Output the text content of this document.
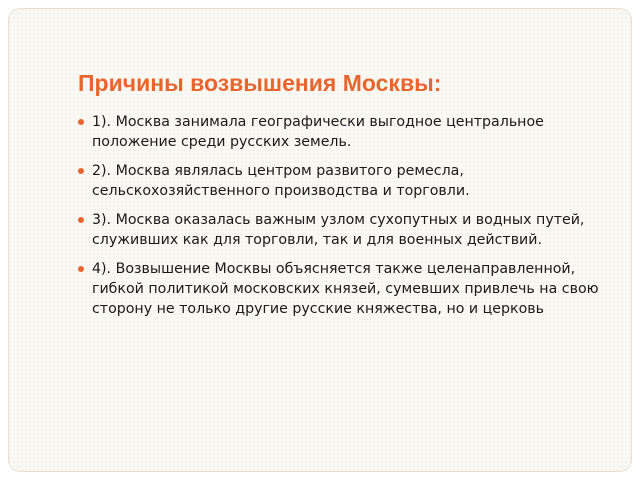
Причины возвышения Москвы:
1). Москва занимала географически выгодное центральное положение среди русских земель.
2). Москва являлась центром развитого ремесла, сельскохозяйственного производства и торговли.
3). Москва оказалась важным узлом сухопутных и водных путей, служивших как для торговли, так и для военных действий.
4). Возвышение Москвы объясняется также целенаправленной, гибкой политикой московских князей, сумевших привлечь на свою сторону не только другие русские княжества, но и церковь
